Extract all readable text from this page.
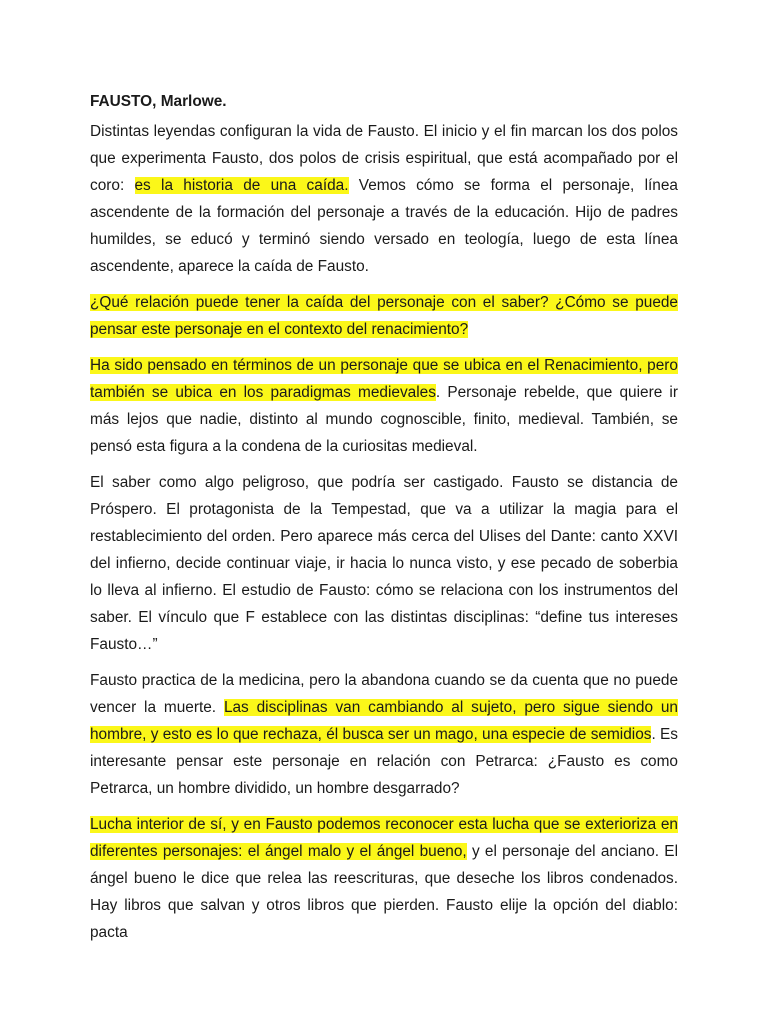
FAUSTO, Marlowe.

Distintas leyendas configuran la vida de Fausto. El inicio y el fin marcan los dos polos que experimenta Fausto, dos polos de crisis espiritual, que está acompañado por el coro: es la historia de una caída. Vemos cómo se forma el personaje, línea ascendente de la formación del personaje a través de la educación. Hijo de padres humildes, se educó y terminó siendo versado en teología, luego de esta línea ascendente, aparece la caída de Fausto.

¿Qué relación puede tener la caída del personaje con el saber? ¿Cómo se puede pensar este personaje en el contexto del renacimiento?

Ha sido pensado en términos de un personaje que se ubica en el Renacimiento, pero también se ubica en los paradigmas medievales. Personaje rebelde, que quiere ir más lejos que nadie, distinto al mundo cognoscible, finito, medieval. También, se pensó esta figura a la condena de la curiositas medieval.

El saber como algo peligroso, que podría ser castigado. Fausto se distancia de Próspero. El protagonista de la Tempestad, que va a utilizar la magia para el restablecimiento del orden. Pero aparece más cerca del Ulises del Dante: canto XXVI del infierno, decide continuar viaje, ir hacia lo nunca visto, y ese pecado de soberbia lo lleva al infierno. El estudio de Fausto: cómo se relaciona con los instrumentos del saber. El vínculo que F establece con las distintas disciplinas: “define tus intereses Fausto…”

Fausto practica de la medicina, pero la abandona cuando se da cuenta que no puede vencer la muerte. Las disciplinas van cambiando al sujeto, pero sigue siendo un hombre, y esto es lo que rechaza, él busca ser un mago, una especie de semidios. Es interesante pensar este personaje en relación con Petrarca: ¿Fausto es como Petrarca, un hombre dividido, un hombre desgarrado?

Lucha interior de sí, y en Fausto podemos reconocer esta lucha que se exterioriza en diferentes personajes: el ángel malo y el ángel bueno, y el personaje del anciano. El ángel bueno le dice que relea las reescrituras, que deseche los libros condenados. Hay libros que salvan y otros libros que pierden. Fausto elije la opción del diablo: pacta
